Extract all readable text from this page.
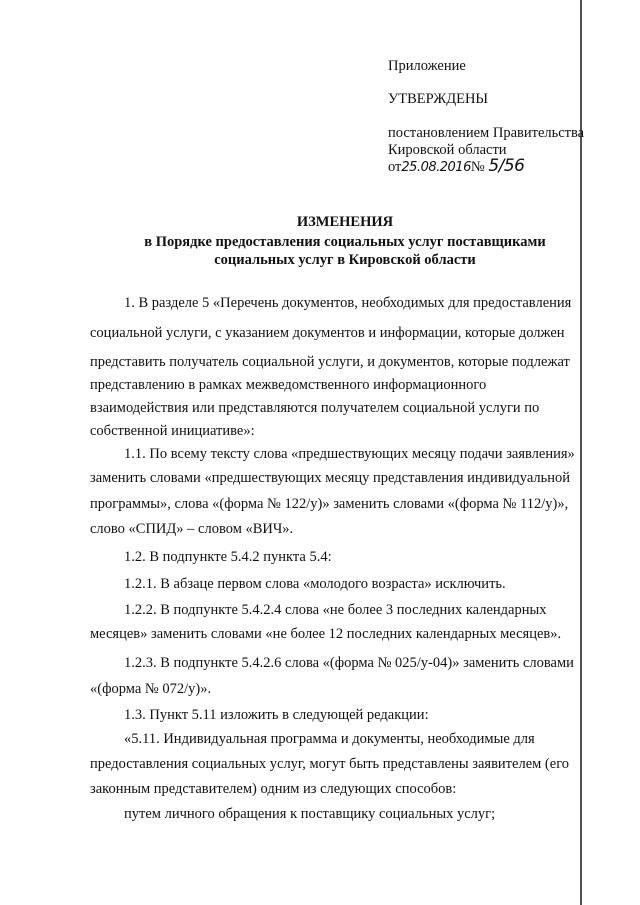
Приложение
УТВЕРЖДЕНЫ
постановлением Правительства
Кировской области
от25.08.2016№ 5/56
ИЗМЕНЕНИЯ
в Порядке предоставления социальных услуг поставщиками
социальных услуг в Кировской области
1. В разделе 5 «Перечень документов, необходимых для предоставления
социальной услуги, с указанием документов и информации, которые должен
представить получатель социальной услуги, и документов, которые подлежат
представлению в рамках межведомственного информационного
взаимодействия или представляются получателем социальной услуги по
собственной инициативе»:
1.1. По всему тексту слова «предшествующих месяцу подачи заявления»
заменить словами «предшествующих месяцу представления индивидуальной
программы», слова «(форма № 122/у)» заменить словами «(форма № 112/у)»,
слово «СПИД» – словом «ВИЧ».
1.2. В подпункте 5.4.2 пункта 5.4:
1.2.1. В абзаце первом слова «молодого возраста» исключить.
1.2.2. В подпункте 5.4.2.4 слова «не более 3 последних календарных
месяцев» заменить словами «не более 12 последних календарных месяцев».
1.2.3. В подпункте 5.4.2.6 слова «(форма № 025/у-04)» заменить словами
«(форма № 072/у)».
1.3. Пункт 5.11 изложить в следующей редакции:
«5.11. Индивидуальная программа и документы, необходимые для
предоставления социальных услуг, могут быть представлены заявителем (его
законным представителем) одним из следующих способов:
путем личного обращения к поставщику социальных услуг;
